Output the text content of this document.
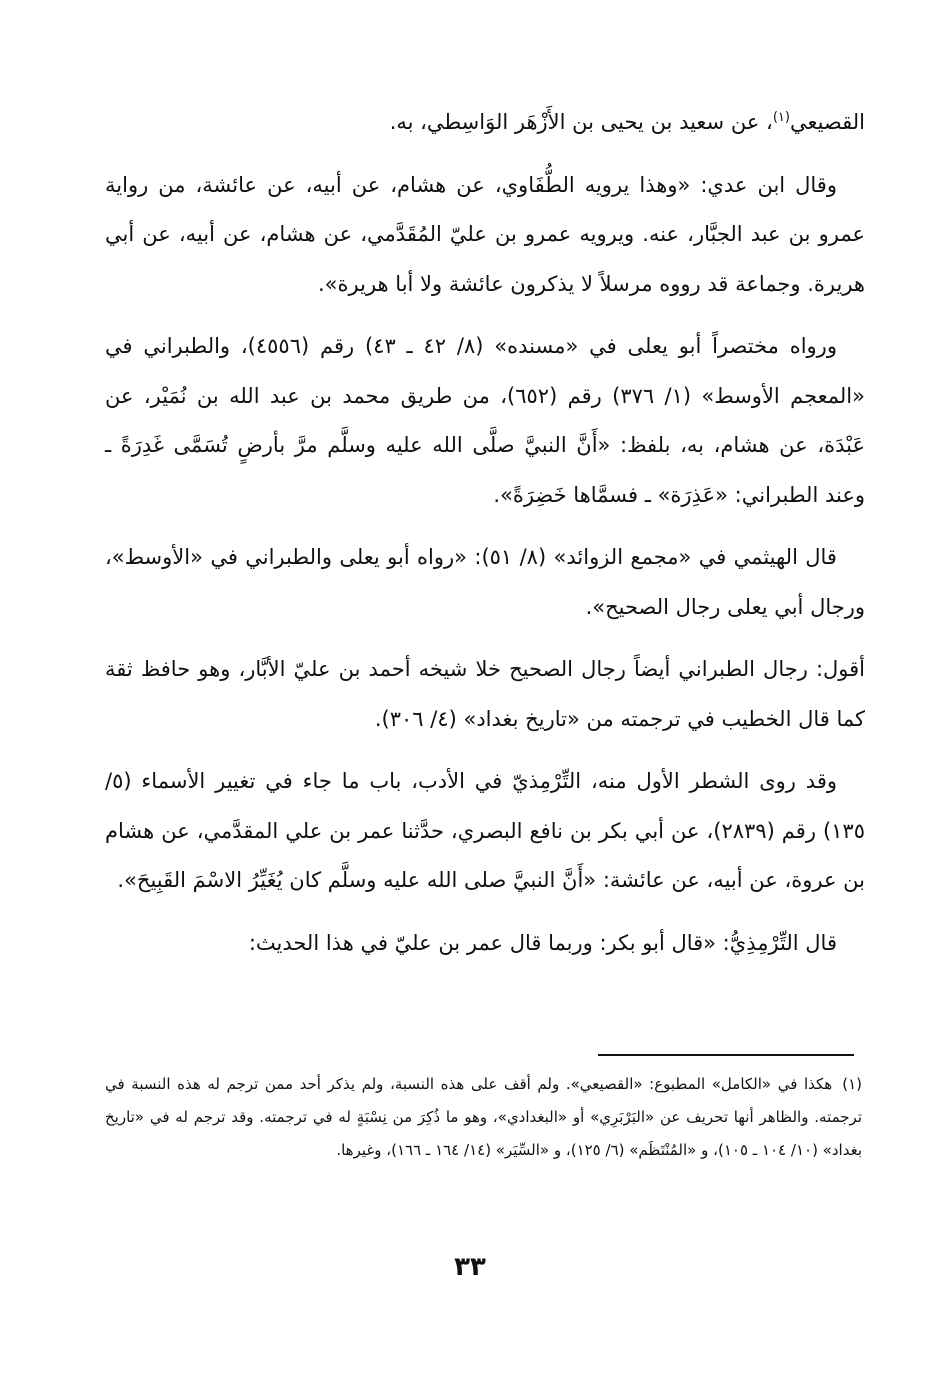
القصيعي$^{(١)}$، عن سعيد بن يحيى بن الأَزْهَر الوَاسِطي، به.

وقال ابن عدي: «وهذا يرويه الطُّفَاوي، عن هشام، عن أبيه، عن عائشة، من رواية عمرو بن عبد الجبَّار، عنه. ويرويه عمرو بن عليّ المُقَدَّمي، عن هشام، عن أبيه، عن أبي هريرة. وجماعة قد رووه مرسلاً لا يذكرون عائشة ولا أبا هريرة».

ورواه مختصراً أبو يعلى في «مسنده» (٨/ ٤٢ ـ ٤٣) رقم (٤٥٥٦)، والطبراني في «المعجم الأوسط» (١/ ٣٧٦) رقم (٦٥٢)، من طريق محمد بن عبد الله بن نُمَيْر، عن عَبْدَة، عن هشام، به، بلفظ: «أَنَّ النبيَّ صلَّى الله عليه وسلَّم مرَّ بأرضٍ تُسَمَّى غَدِرَةً ـ وعند الطبراني: «عَذِرَة» ـ فسمَّاها خَضِرَةً».

قال الهيثمي في «مجمع الزوائد» (٨/ ٥١): «رواه أبو يعلى والطبراني في «الأوسط»، ورجال أبي يعلى رجال الصحيح».

أقول: رجال الطبراني أيضاً رجال الصحيح خلا شيخه أحمد بن عليّ الأبَّار، وهو حافظ ثقة كما قال الخطيب في ترجمته من «تاريخ بغداد» (٤/ ٣٠٦).

وقد روى الشطر الأول منه، التِّرْمِذيّ في الأدب، باب ما جاء في تغيير الأسماء (٥/ ١٣٥) رقم (٢٨٣٩)، عن أبي بكر بن نافع البصري، حدَّثنا عمر بن علي المقدَّمي، عن هشام بن عروة، عن أبيه، عن عائشة: «أَنَّ النبيَّ صلى الله عليه وسلَّم كان يُغَيِّرُ الاسْمَ القَبِيحَ».

قال التِّرْمِذِيُّ: «قال أبو بكر: وربما قال عمر بن عليّ في هذا الحديث:

(١)هكذا في «الكامل» المطبوع: «القصيعي». ولم أقف على هذه النسبة، ولم يذكر أحد ممن ترجم له هذه النسبة في ترجمته. والظاهر أنها تحريف عن «البَرْبَرِي» أو «البغدادي»، وهو ما ذُكِرَ من نِسْبَةٍ له في ترجمته. وقد ترجم له في «تاريخ بغداد» (١٠/ ١٠٤ ـ ١٠٥)، و «المُنْتَظَم» (٦/ ١٢٥)، و «السِّيَر» (١٤/ ١٦٤ ـ ١٦٦)، وغيرها.
٣٣
